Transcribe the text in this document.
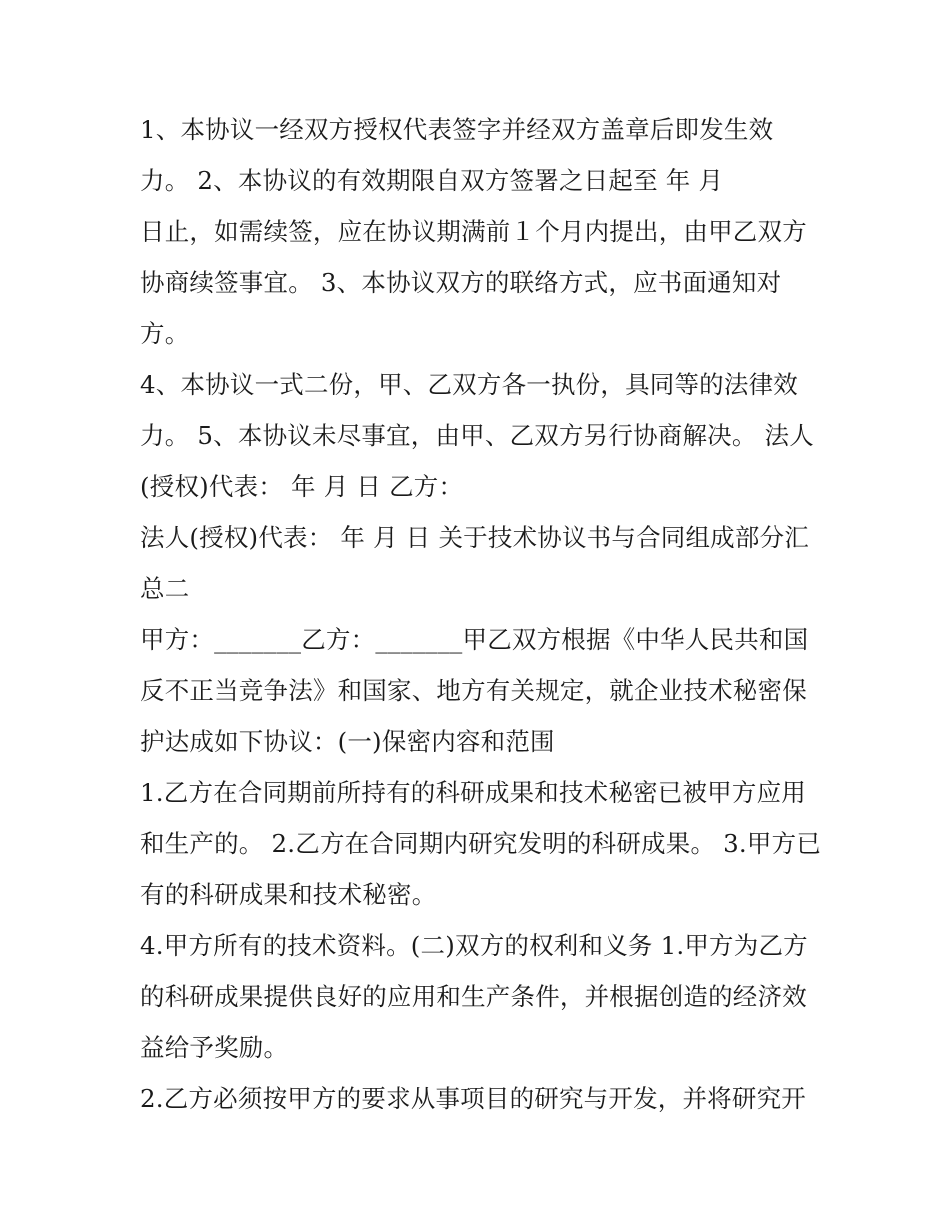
1、本协议一经双方授权代表签字并经双方盖章后即发生效
力。 2、本协议的有效期限自双方签署之日起至 年 月
日止，如需续签，应在协议期满前１个月内提出，由甲乙双方
协商续签事宜。 3、本协议双方的联络方式，应书面通知对
方。
4、本协议一式二份，甲、乙双方各一执份，具同等的法律效
力。 5、本协议未尽事宜，由甲、乙双方另行协商解决。 法人
(授权)代表： 年 月 日 乙方：
法人(授权)代表： 年 月 日 关于技术协议书与合同组成部分汇
总二
甲方：_______乙方：_______甲乙双方根据《中华人民共和国
反不正当竞争法》和国家、地方有关规定，就企业技术秘密保
护达成如下协议：(一)保密内容和范围
1.乙方在合同期前所持有的科研成果和技术秘密已被甲方应用
和生产的。 2.乙方在合同期内研究发明的科研成果。 3.甲方已
有的科研成果和技术秘密。
4.甲方所有的技术资料。(二)双方的权利和义务 1.甲方为乙方
的科研成果提供良好的应用和生产条件，并根据创造的经济效
益给予奖励。
2.乙方必须按甲方的要求从事项目的研究与开发，并将研究开
